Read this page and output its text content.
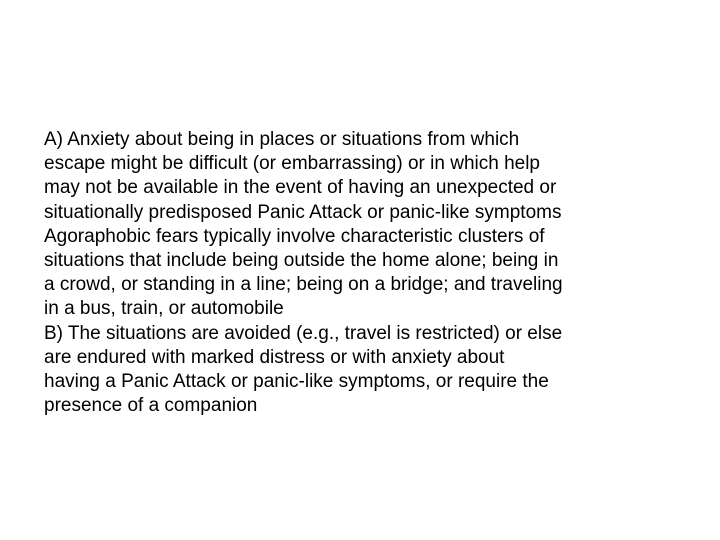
A) Anxiety about being in places or situations from which
escape might be difficult (or embarrassing) or in which help
may not be available in the event of having an unexpected or
situationally predisposed Panic Attack or panic-like symptoms
Agoraphobic fears typically involve characteristic clusters of
situations that include being outside the home alone; being in
a crowd, or standing in a line; being on a bridge; and traveling
in a bus, train, or automobile
B) The situations are avoided (e.g., travel is restricted) or else
are endured with marked distress or with anxiety about
having a Panic Attack or panic-like symptoms, or require the
presence of a companion
